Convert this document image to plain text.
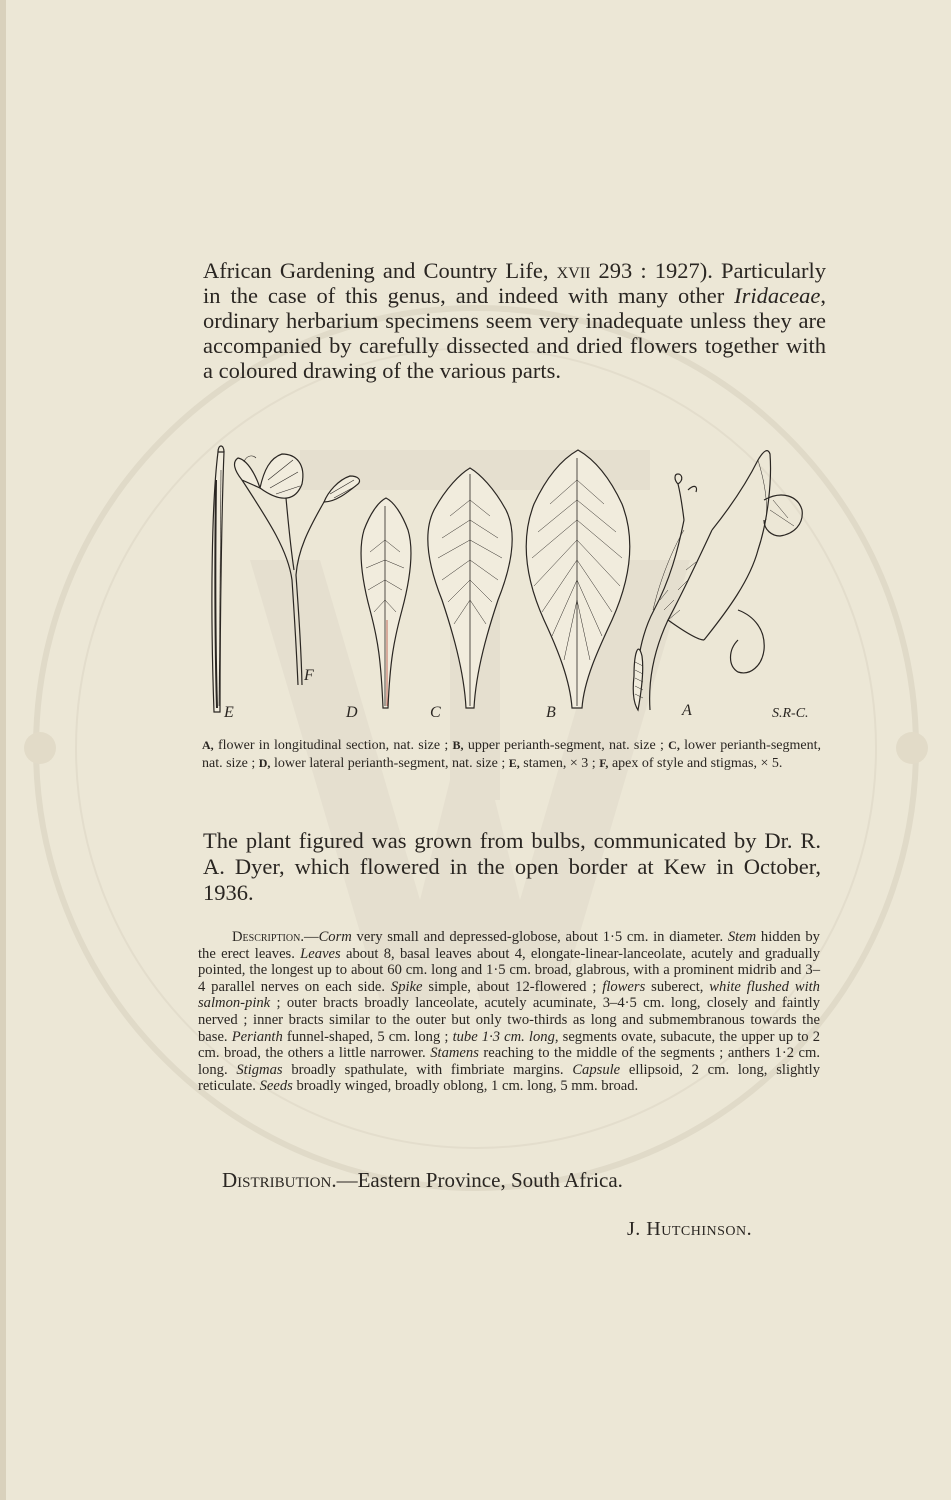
African Gardening and Country Life, xvii 293 : 1927). Particularly in the case of this genus, and indeed with many other Iridaceae, ordinary herbarium specimens seem very inadequate unless they are accompanied by carefully dissected and dried flowers together with a coloured drawing of the various parts.

E
F
D	C	B	A	S.R-C.

A, flower in longitudinal section, nat. size ; B, upper perianth-segment, nat. size ; C, lower perianth-segment, nat. size ; D, lower lateral perianth-segment, nat. size ; E, stamen, × 3 ; F, apex of style and stigmas, × 5.

The plant figured was grown from bulbs, communicated by Dr. R. A. Dyer, which flowered in the open border at Kew in October, 1936.

Description.—Corm very small and depressed-globose, about 1·5 cm. in diameter. Stem hidden by the erect leaves. Leaves about 8, basal leaves about 4, elongate-linear-lanceolate, acutely and gradually pointed, the longest up to about 60 cm. long and 1·5 cm. broad, glabrous, with a prominent midrib and 3–4 parallel nerves on each side. Spike simple, about 12-flowered ; flowers suberect, white flushed with salmon-pink ; outer bracts broadly lanceolate, acutely acuminate, 3–4·5 cm. long, closely and faintly nerved ; inner bracts similar to the outer but only two-thirds as long and submembranous towards the base. Perianth funnel-shaped, 5 cm. long ; tube 1·3 cm. long, segments ovate, subacute, the upper up to 2 cm. broad, the others a little narrower. Stamens reaching to the middle of the segments ; anthers 1·2 cm. long. Stigmas broadly spathulate, with fimbriate margins. Capsule ellipsoid, 2 cm. long, slightly reticulate. Seeds broadly winged, broadly oblong, 1 cm. long, 5 mm. broad.

Distribution.—Eastern Province, South Africa.

J. Hutchinson.
